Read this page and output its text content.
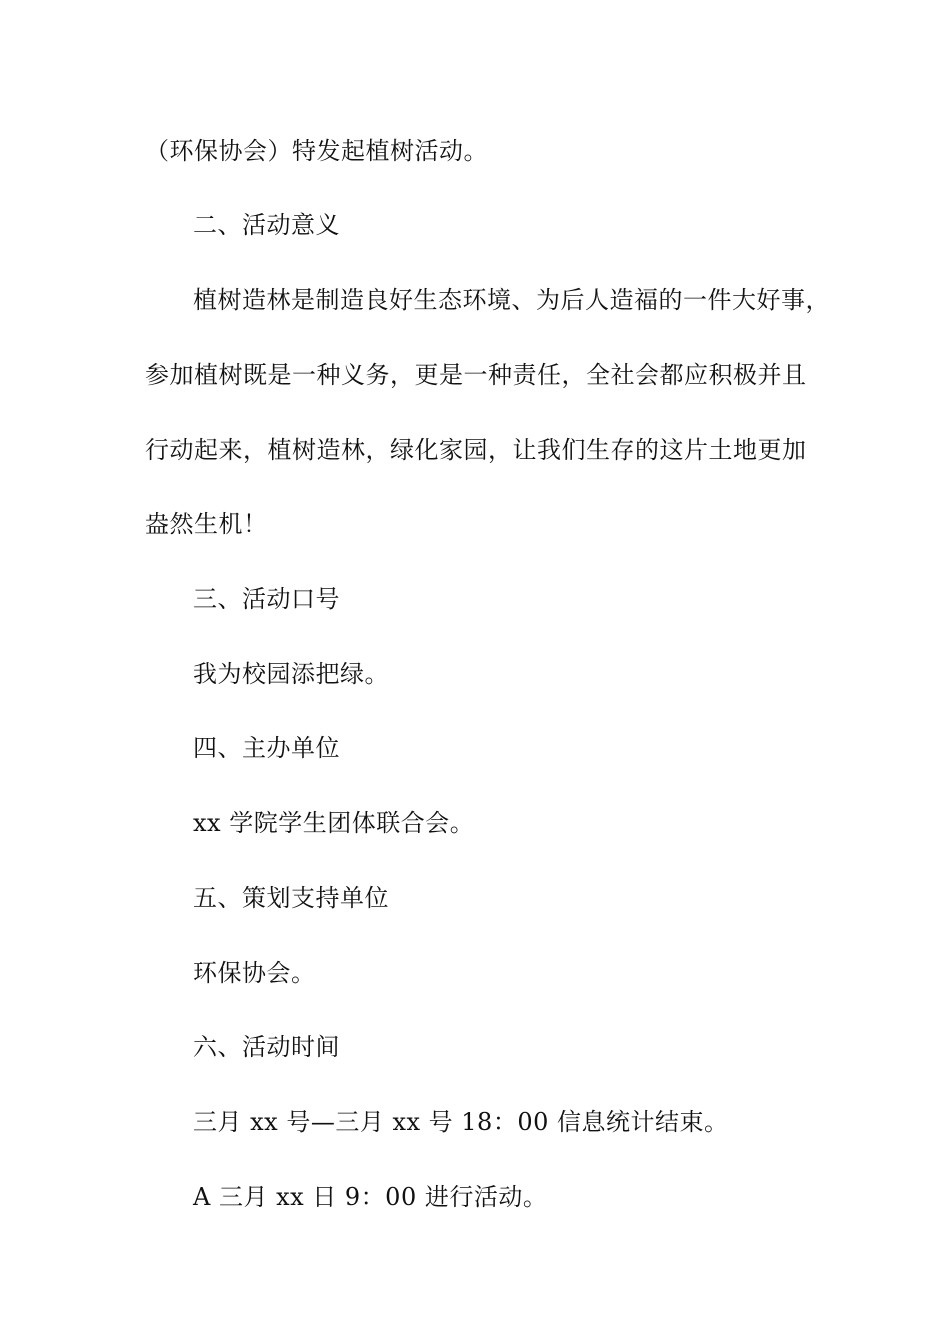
（环保协会）特发起植树活动。
二、活动意义
植树造林是制造良好生态环境、为后人造福的一件大好事，
参加植树既是一种义务，更是一种责任，全社会都应积极并且
行动起来，植树造林，绿化家园，让我们生存的这片土地更加
盎然生机！
三、活动口号
我为校园添把绿。
四、主办单位
xx 学院学生团体联合会。
五、策划支持单位
环保协会。
六、活动时间
三月 xx 号—三月 xx 号 18：00 信息统计结束。
A 三月 xx 日 9：00 进行活动。
